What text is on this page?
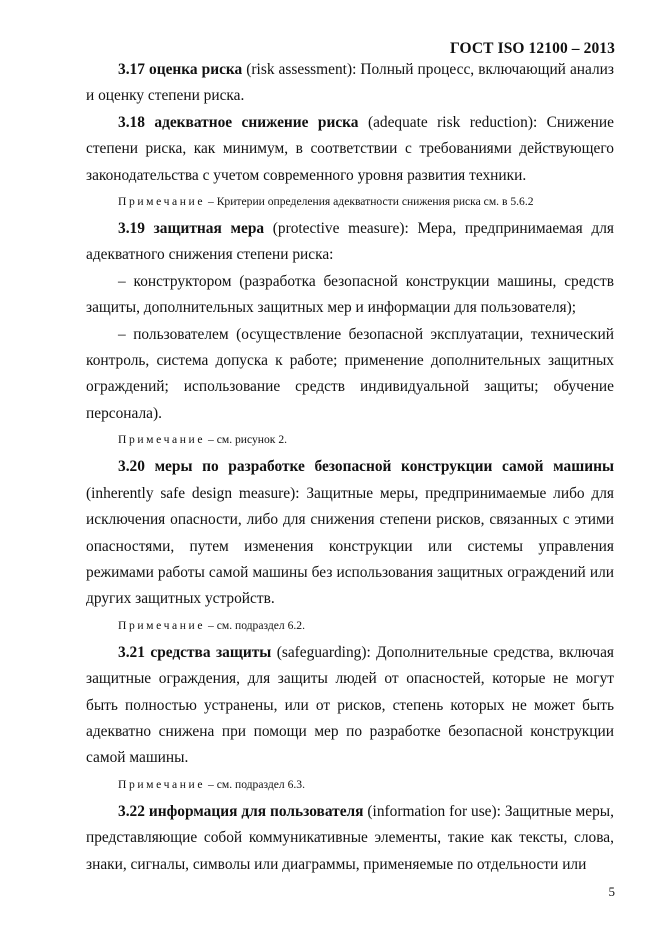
ГОСТ ISO 12100 – 2013

3.17 оценка риска (risk assessment): Полный процесс, включающий анализ и оценку степени риска.

3.18 адекватное снижение риска (adequate risk reduction): Снижение степени риска, как минимум, в соответствии с требованиями действующего законодательства с учетом современного уровня развития техники.

Примечание – Критерии определения адекватности снижения риска см. в 5.6.2

3.19 защитная мера (protective measure): Мера, предпринимаемая для адекватного снижения степени риска:

– конструктором (разработка безопасной конструкции машины, средств защиты, дополнительных защитных мер и информации для пользователя);

– пользователем (осуществление безопасной эксплуатации, технический контроль, система допуска к работе; применение дополнительных защитных ограждений; использование средств индивидуальной защиты; обучение персонала).

Примечание – см. рисунок 2.

3.20 меры по разработке безопасной конструкции самой машины (inherently safe design measure): Защитные меры, предпринимаемые либо для исключения опасности, либо для снижения степени рисков, связанных с этими опасностями, путем изменения конструкции или системы управления режимами работы самой машины без использования защитных ограждений или других защитных устройств.

Примечание – см. подраздел 6.2.

3.21 средства защиты (safeguarding): Дополнительные средства, включая защитные ограждения, для защиты людей от опасностей, которые не могут быть полностью устранены, или от рисков, степень которых не может быть адекватно снижена при помощи мер по разработке безопасной конструкции самой машины.

Примечание – см. подраздел 6.3.

3.22 информация для пользователя (information for use): Защитные меры, представляющие собой коммуникативные элементы, такие как тексты, слова, знаки, сигналы, символы или диаграммы, применяемые по отдельности или

5
